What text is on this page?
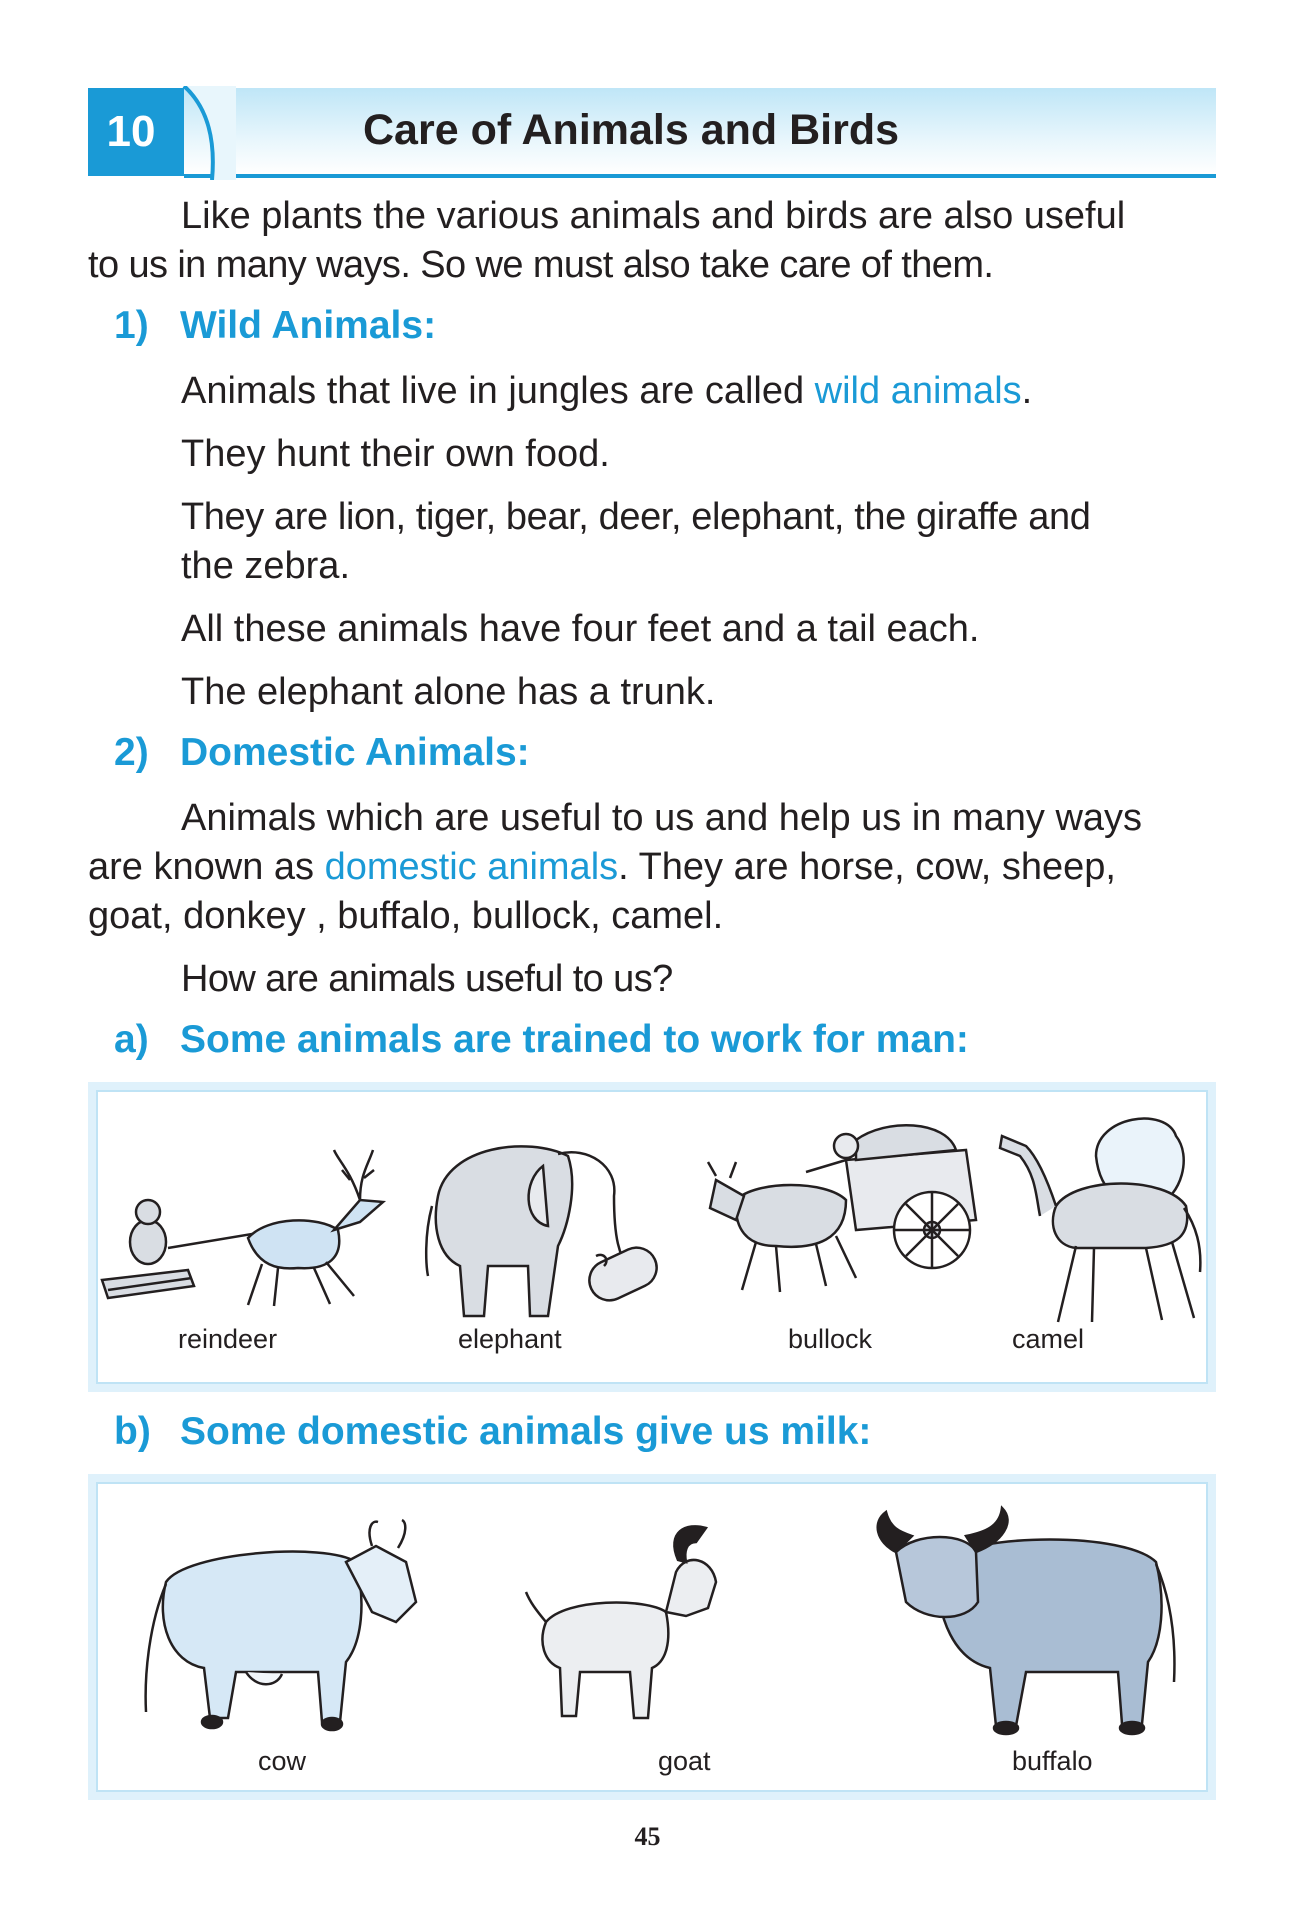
10	Care of Animals and Birds
Like plants the various animals and birds are also useful
to us in many ways. So we must also take care of them.
1) Wild Animals:
Animals that live in jungles are called wild animals.
They hunt their own food.
They are lion, tiger, bear, deer, elephant, the giraffe and
the zebra.
All these animals have four feet and a tail each.
The elephant alone has a trunk.
2) Domestic Animals:
Animals which are useful to us and help us in many ways
are known as domestic animals. They are horse, cow, sheep,
goat, donkey , buffalo, bullock, camel.
How are animals useful to us?
a) Some animals are trained to work for man:
reindeer	elephant	bullock	camel
b) Some domestic animals give us milk:
cow	goat	buffalo
45
